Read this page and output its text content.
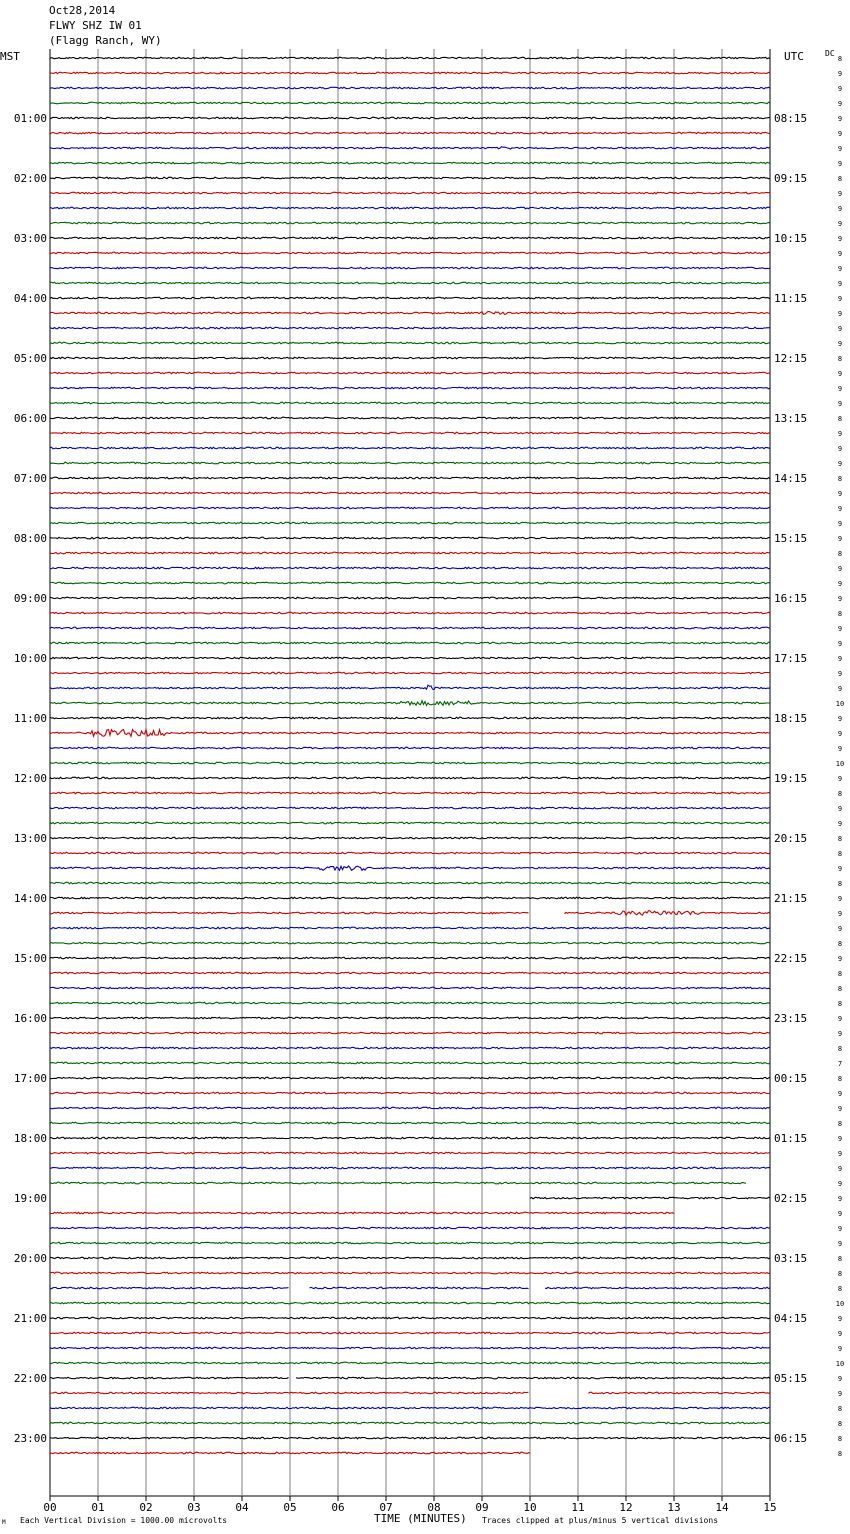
Oct28,2014
FLWY SHZ IW 01
(Flagg Ranch, WY)
MST	UTC	DC
00	01	02	03	04	05	06	07	08	09	10	11	12	13	14	15
8
9
9
9
9
9
9
9
8
9
9
9
9
9
9
9
9
9
9
9
8
9
9
9
8
9
9
9
8
9
9
9
9
8
9
9
9
8
9
9
9
9
9
10
9
9
9
10
9
8
9
9
8
8
9
8
9
9
9
8
9
8
8
8
9
9
8
7
8
9
9
8
9
9
9
9
9
9
9
9
8
8
8
10
9
9
9
10
9
9
8
8
8
8
01:00	08:15
02:00	09:15
03:00	10:15
04:00	11:15
05:00	12:15
06:00	13:15
07:00	14:15
08:00	15:15
09:00	16:15
10:00	17:15
11:00	18:15
12:00	19:15
13:00	20:15
14:00	21:15
15:00	22:15
16:00	23:15
17:00	00:15
18:00	01:15
19:00	02:15
20:00	03:15
21:00	04:15
22:00	05:15
23:00	06:15
M Each Vertical Division = 1000.00 microvolts	TIME (MINUTES) Traces clipped at plus/minus 5 vertical divisions
